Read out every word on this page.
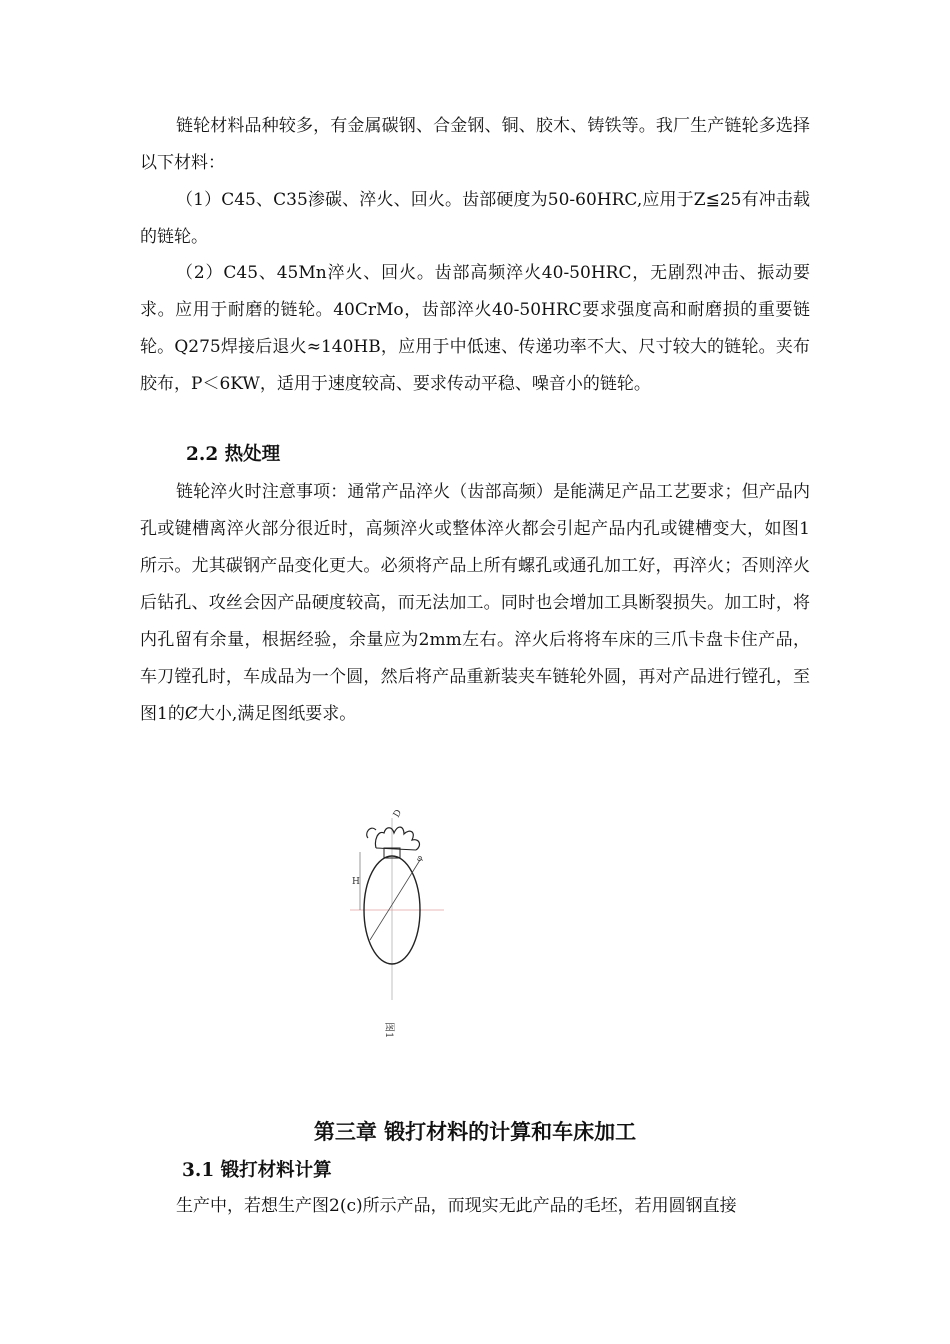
链轮材料品种较多，有金属碳钢、合金钢、铜、胶木、铸铁等。我厂生产链轮多选择以下材料：

（1）C45、C35渗碳、淬火、回火。齿部硬度为50-60HRC,应用于Z≦25有冲击载的链轮。

（2）C45、45Mn淬火、回火。齿部高频淬火40-50HRC，无剧烈冲击、振动要求。应用于耐磨的链轮。40CrMo，齿部淬火40-50HRC要求强度高和耐磨损的重要链轮。Q275焊接后退火≈140HB，应用于中低速、传递功率不大、尺寸较大的链轮。夹布胶布，P＜6KW，适用于速度较高、要求传动平稳、噪音小的链轮。

2.2 热处理

链轮淬火时注意事项：通常产品淬火（齿部高频）是能满足产品工艺要求；但产品内孔或键槽离淬火部分很近时，高频淬火或整体淬火都会引起产品内孔或键槽变大，如图1所示。尤其碳钢产品变化更大。必须将产品上所有螺孔或通孔加工好，再淬火；否则淬火后钻孔、攻丝会因产品硬度较高，而无法加工。同时也会增加工具断裂损失。加工时，将内孔留有余量，根据经验，余量应为2mm左右。淬火后将将车床的三爪卡盘卡住产品，车刀镗孔时，车成品为一个圆，然后将产品重新装夹车链轮外圆，再对产品进行镗孔，至图1的Ȼ大小,满足图纸要求。

H
D
φ
图1
第三章 锻打材料的计算和车床加工
3.1 锻打材料计算

生产中，若想生产图2(c)所示产品，而现实无此产品的毛坯，若用圆钢直接
